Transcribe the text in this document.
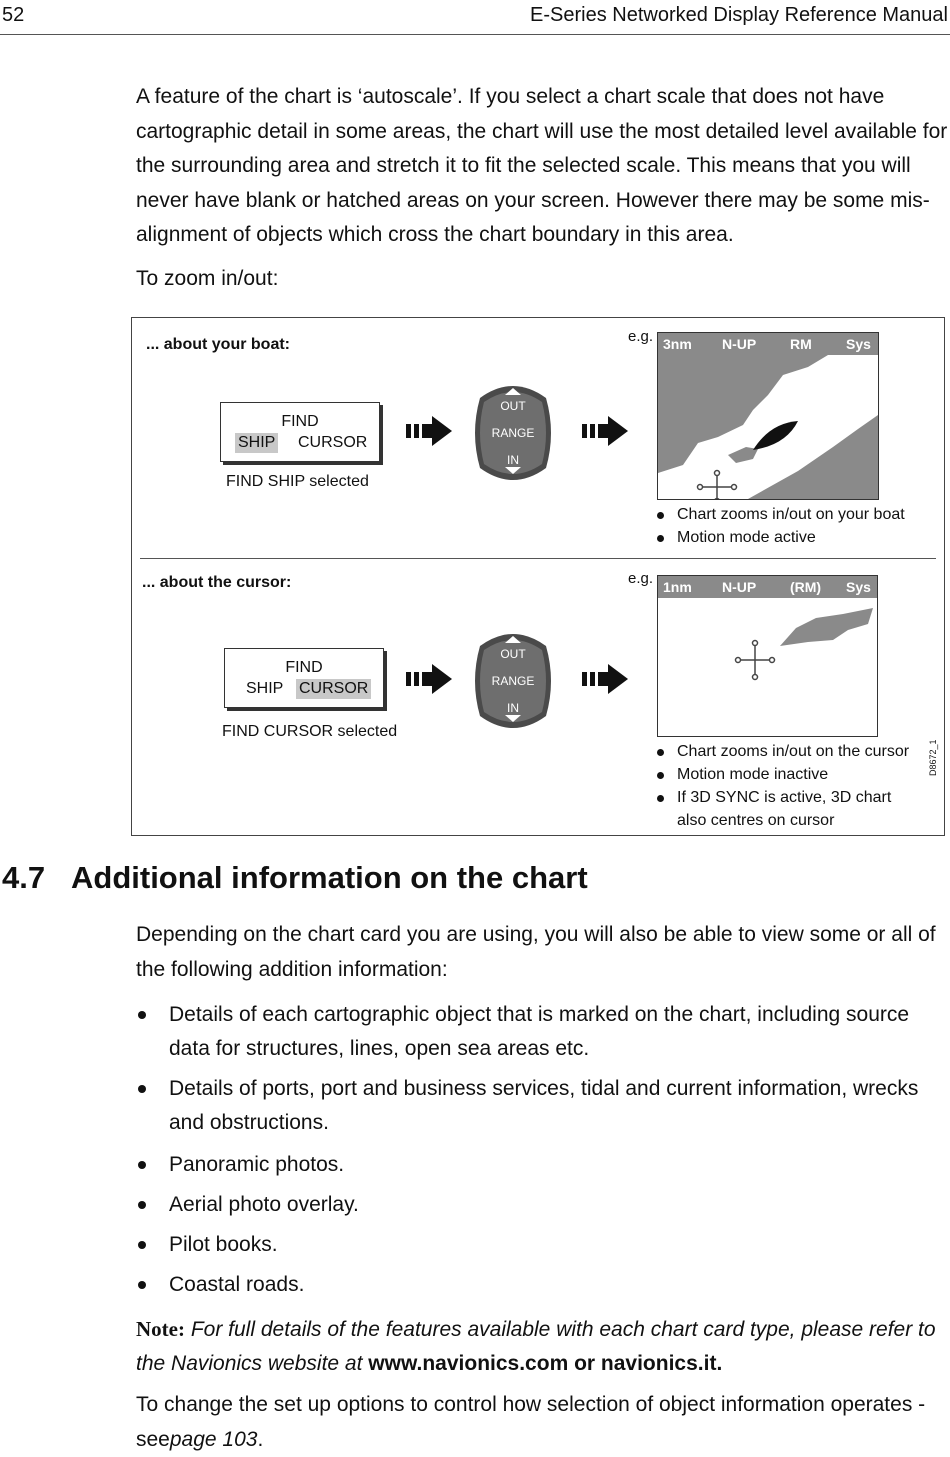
52	E-Series Networked Display Reference Manual

A feature of the chart is ‘autoscale’. If you select a chart scale that does not have cartographic detail in some areas, the chart will use the most detailed level available for the surrounding area and stretch it to fit the selected scale. This means that you will never have blank or hatched areas on your screen. However there may be some mis-alignment of objects which cross the chart boundary in this area.

To zoom in/out:

... about your boat:
FIND
SHIP CURSOR
FIND SHIP selected
OUT
RANGE
IN
e.g. 3nm N-UP RM Sys
Chart zooms in/out on your boat
Motion mode active
... about the cursor:
FIND
SHIP CURSOR
FIND CURSOR selected
OUT
RANGE
IN
e.g. 1nm N-UP (RM) Sys
Chart zooms in/out on the cursor
Motion mode inactive
If 3D SYNC is active, 3D chart
also centres on cursor
D8672_1
4.7 Additional information on the chart

Depending on the chart card you are using, you will also be able to view some or all of the following addition information:

Details of each cartographic object that is marked on the chart, including source data for structures, lines, open sea areas etc.
Details of ports, port and business services, tidal and current information, wrecks and obstructions.
Panoramic photos.
Aerial photo overlay.
Pilot books.
Coastal roads.
Note: For full details of the features available with each chart card type, please refer to the Navionics website at www.navionics.com or navionics.it.
To change the set up options to control how selection of object information operates - seepage 103.
